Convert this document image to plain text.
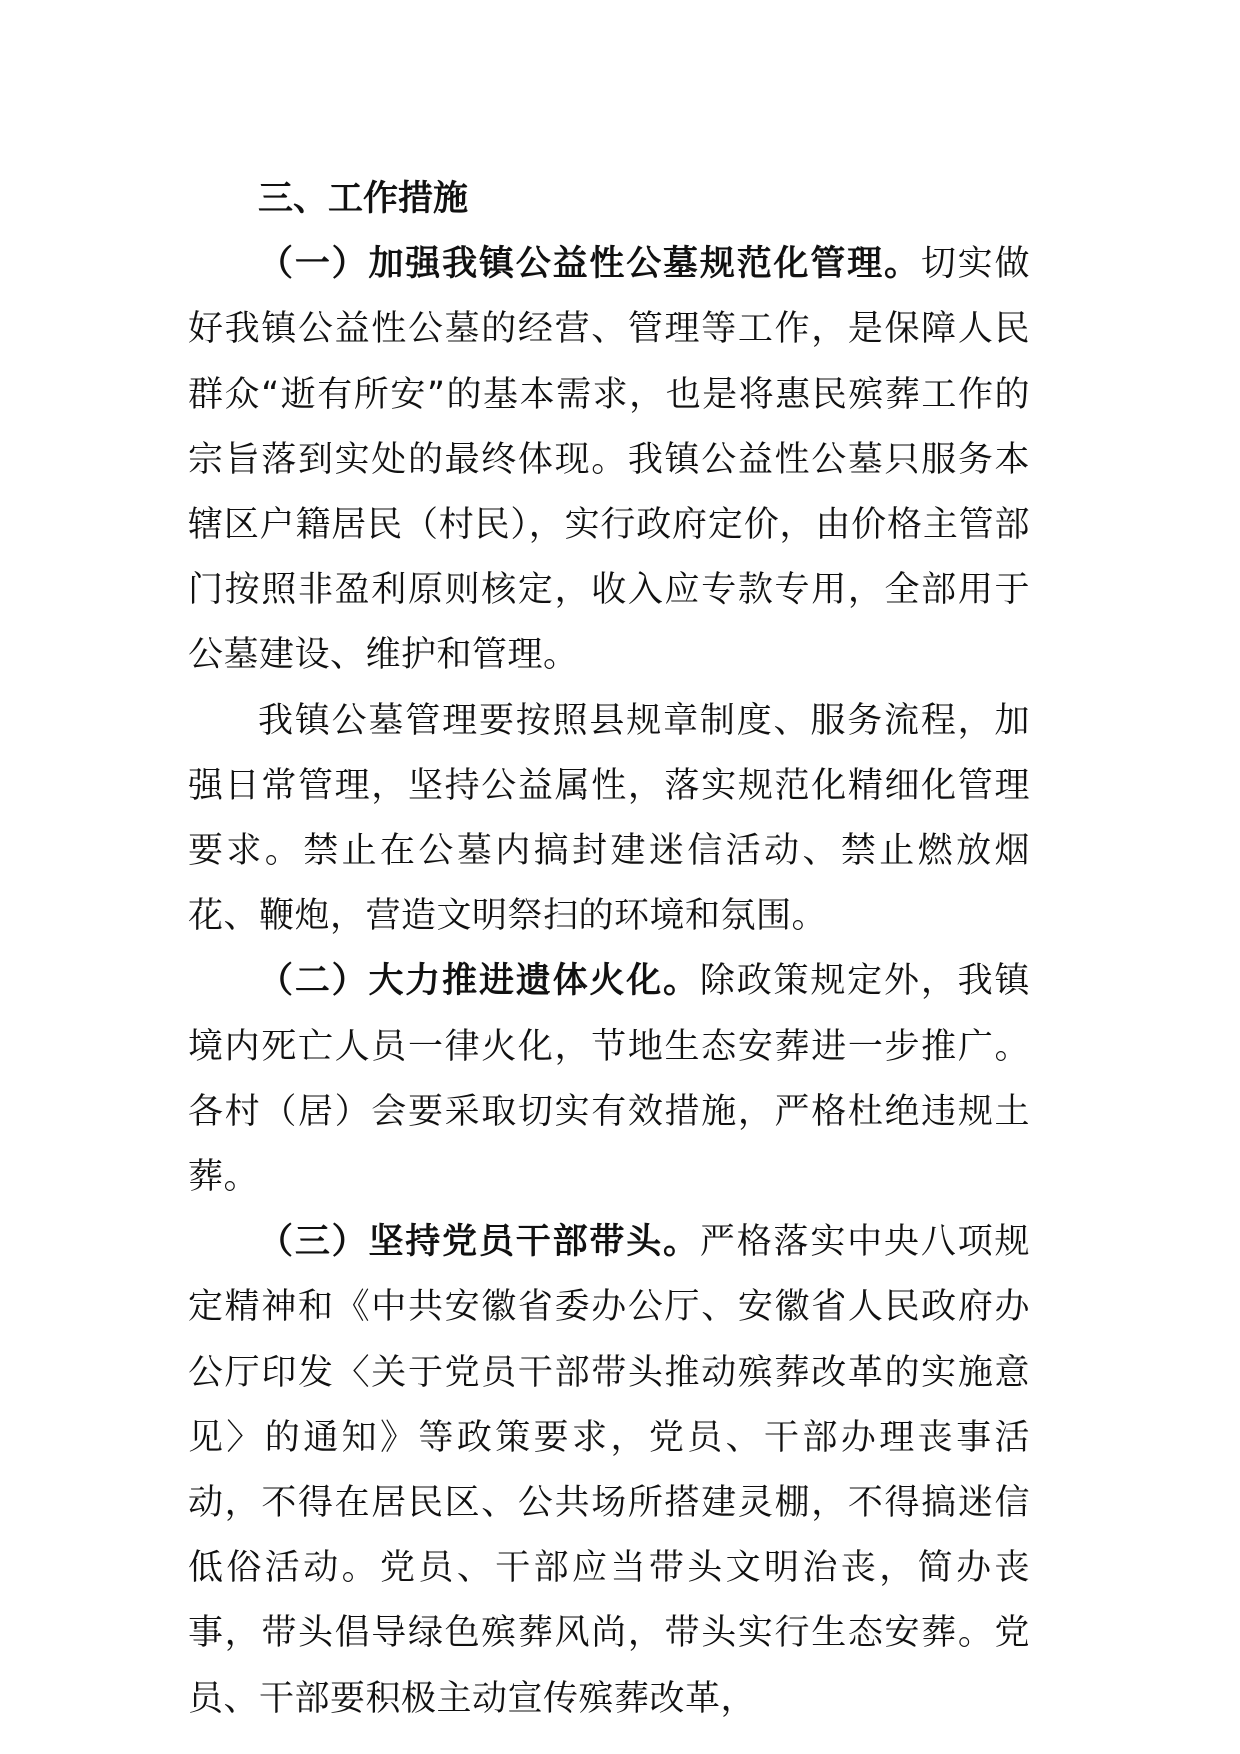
三、工作措施

（一）加强我镇公益性公墓规范化管理。切实做好我镇公益性公墓的经营、管理等工作，是保障人民群众“逝有所安”的基本需求，也是将惠民殡葬工作的宗旨落到实处的最终体现。我镇公益性公墓只服务本辖区户籍居民（村民），实行政府定价，由价格主管部门按照非盈利原则核定，收入应专款专用，全部用于公墓建设、维护和管理。

我镇公墓管理要按照县规章制度、服务流程，加强日常管理，坚持公益属性，落实规范化精细化管理要求。禁止在公墓内搞封建迷信活动、禁止燃放烟花、鞭炮，营造文明祭扫的环境和氛围。

（二）大力推进遗体火化。除政策规定外，我镇境内死亡人员一律火化，节地生态安葬进一步推广。各村（居）会要采取切实有效措施，严格杜绝违规土葬。

（三）坚持党员干部带头。严格落实中央八项规定精神和《中共安徽省委办公厅、安徽省人民政府办公厅印发〈关于党员干部带头推动殡葬改革的实施意见〉的通知》等政策要求，党员、干部办理丧事活动，不得在居民区、公共场所搭建灵棚，不得搞迷信低俗活动。党员、干部应当带头文明治丧，简办丧事，带头倡导绿色殡葬风尚，带头实行生态安葬。党员、干部要积极主动宣传殡葬改革，
